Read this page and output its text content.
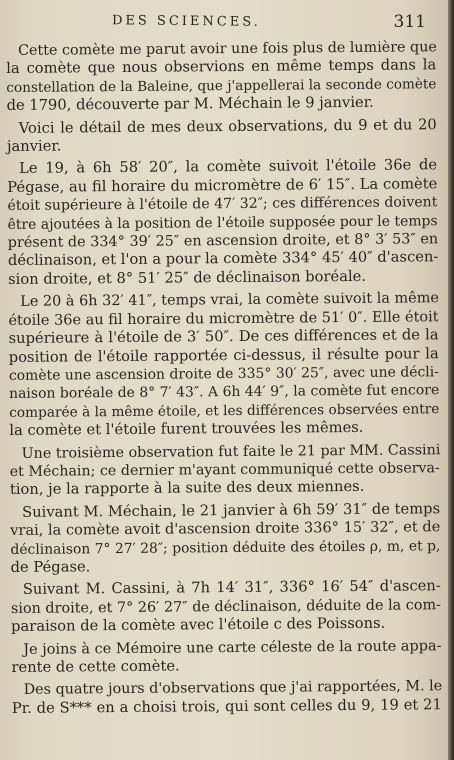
DES SCIENCES.	311

Cette comète me parut avoir une fois plus de lumière que
la comète que nous observions en même temps dans la
constellation de la Baleine, que j'appellerai la seconde comète
de 1790, découverte par M. Méchain le 9 janvier.

Voici le détail de mes deux observations, du 9 et du 20
janvier.

Le 19, à 6h 58′ 20″, la comète suivoit l'étoile 36e de
Pégase, au fil horaire du micromètre de 6′ 15″. La comète
étoit supérieure à l'étoile de 47′ 32″; ces différences doivent
être ajoutées à la position de l'étoile supposée pour le temps
présent de 334° 39′ 25″ en ascension droite, et 8° 3′ 53″ en
déclinaison, et l'on a pour la comète 334° 45′ 40″ d'ascen-
sion droite, et 8° 51′ 25″ de déclinaison boréale.

Le 20 à 6h 32′ 41″, temps vrai, la comète suivoit la même
étoile 36e au fil horaire du micromètre de 51′ 0″. Elle étoit
supérieure à l'étoile de 3′ 50″. De ces différences et de la
position de l'étoile rapportée ci-dessus, il résulte pour la
comète une ascension droite de 335° 30′ 25″, avec une décli-
naison boréale de 8° 7′ 43″. A 6h 44′ 9″, la comète fut encore
comparée à la même étoile, et les différences observées entre
la comète et l'étoile furent trouvées les mêmes.

Une troisième observation fut faite le 21 par MM. Cassini
et Méchain; ce dernier m'ayant communiqué cette observa-
tion, je la rapporte à la suite des deux miennes.

Suivant M. Méchain, le 21 janvier à 6h 59′ 31″ de temps
vrai, la comète avoit d'ascension droite 336° 15′ 32″, et de
déclinaison 7° 27′ 28″; position déduite des étoiles ρ, m, et p,
de Pégase.

Suivant M. Cassini, à 7h 14′ 31″, 336° 16′ 54″ d'ascen-
sion droite, et 7° 26′ 27″ de déclinaison, déduite de la com-
paraison de la comète avec l'étoile c des Poissons.

Je joins à ce Mémoire une carte céleste de la route appa-
rente de cette comète.

Des quatre jours d'observations que j'ai rapportées, M. le
Pr. de S*** en a choisi trois, qui sont celles du 9, 19 et 21
